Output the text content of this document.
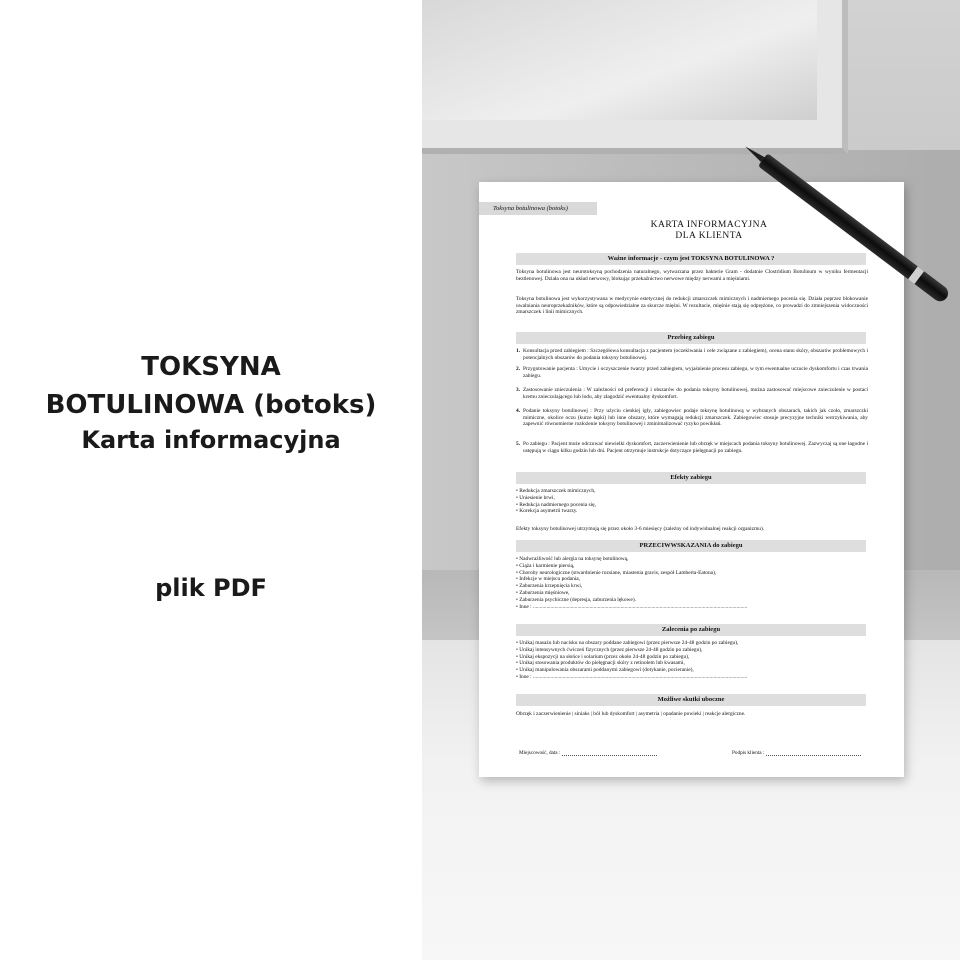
TOKSYNA
BOTULINOWA (botoks)
Karta informacyjna
plik PDF
Toksyna botulinowa (botoks)
KARTA INFORMACYJNA
DLA KLIENTA
Ważne informacje - czym jest TOKSYNA BOTULINOWA ?
Toksyna botulinowa jest neurotoksyną pochodzenia naturalnego, wytwarzana przez bakterie Gram - dodatnie Clostridium Botulinum w wyniku fermentacji beztlenowej. Działa ona na układ nerwowy, blokując przekaźnictwo nerwowe między nerwami a mięśniami.
Toksyna botulinowa jest wykorzystywana w medycynie estetycznej do redukcji zmarszczek mimicznych i nadmiernego pocenia się. Działa poprzez blokowanie uwalniania neuroprzekaźników, które są odpowiedzialne za skurcze mięśni. W rezultacie, mięśnie stają się odprężone, co prowadzi do zmniejszenia widoczności zmarszczek i linii mimicznych.
Przebieg zabiegu
1. Konsultacja przed zabiegiem : Szczegółowa konsultacja z pacjentem (oczekiwania i cele związane z zabiegiem), ocena stanu skóry, obszarów problemowych i potencjalnych obszarów do podania toksyny botulinowej.
2. Przygotowanie pacjenta : Umycie i oczyszczenie twarzy przed zabiegiem, wyjaśnienie procesu zabiegu, w tym ewentualne uczucie dyskomfortu i czas trwania zabiegu.
3. Zastosowanie znieczulenia : W zależności od preferencji i obszarów do podania toksyny botulinowej, można zastosować miejscowe znieczulenie w postaci kremu znieczulającego lub lodu, aby złagodzić ewentualny dyskomfort.
4. Podanie toksyny botulinowej : Przy użyciu cienkiej igły, zabiegowiec podaje toksynę botulinową w wybranych obszarach, takich jak czoło, zmarszczki mimiczne, okolice oczu (kurze łapki) lub inne obszary, które wymagają redukcji zmarszczek. Zabiegowiec stosuje precyzyjne techniki wstrzykiwania, aby zapewnić równomierne rozłożenie toksyny botulinowej i zminimalizować ryzyko powikłań.
5. Po zabiegu : Pacjent może odczuwać niewielki dyskomfort, zaczerwienienie lub obrzęk w miejscach podania toksyny botulinowej. Zazwyczaj są one łagodne i ustępują w ciągu kilku godzin lub dni. Pacjent otrzymuje instrukcje dotyczące pielęgnacji po zabiegu.
Efekty zabiegu
• Redukcja zmarszczek mimicznych,
• Uniesienie brwi,
• Redukcja nadmiernego pocenia się,
• Korekcja asymetrii twarzy.
Efekty toksyny botulinowej utrzymują się przez około 3-6 miesięcy (zależny od indywidualnej reakcji organizmu).
PRZECIWWSKAZANIA do zabiegu
• Nadwrażliwość lub alergia na toksynę botulinową,
• Ciąża i karmienie piersią,
• Choroby neurologiczne (stwardnienie rozsiane, miastenia gravis, zespół Lamberta-Eatona),
• Infekcje w miejscu podania,
• Zaburzenia krzepnięcia krwi,
• Zaburzenia mięśniowe,
• Zaburzenia psychiczne (depresja, zaburzenia lękowe).
• Inne : ...............................................................................................................................................................
Zalecenia po zabiegu
• Unikaj masażu lub nacisku na obszary poddane zabiegowi (przez pierwsze 24-48 godzin po zabiegu),
• Unikaj intensywnych ćwiczeń fizycznych (przez pierwsze 24-48 godzin po zabiegu),
• Unikaj ekspozycji na słońce i solarium (przez około 24-48 godzin po zabiegu),
• Unikaj stosowania produktów do pielęgnacji skóry z retinolem lub kwasami,
• Unikaj manipulowania obszarami poddanymi zabiegowi (dotykanie, pocieranie),
• Inne : ...............................................................................................................................................................
Możliwe skutki uboczne
Obrzęk i zaczerwienienie | siniaks | ból lub dyskomfort | asymetria | opadanie powieki | reakcje alergiczne.
Miejscowość, data :	Podpis klienta :
